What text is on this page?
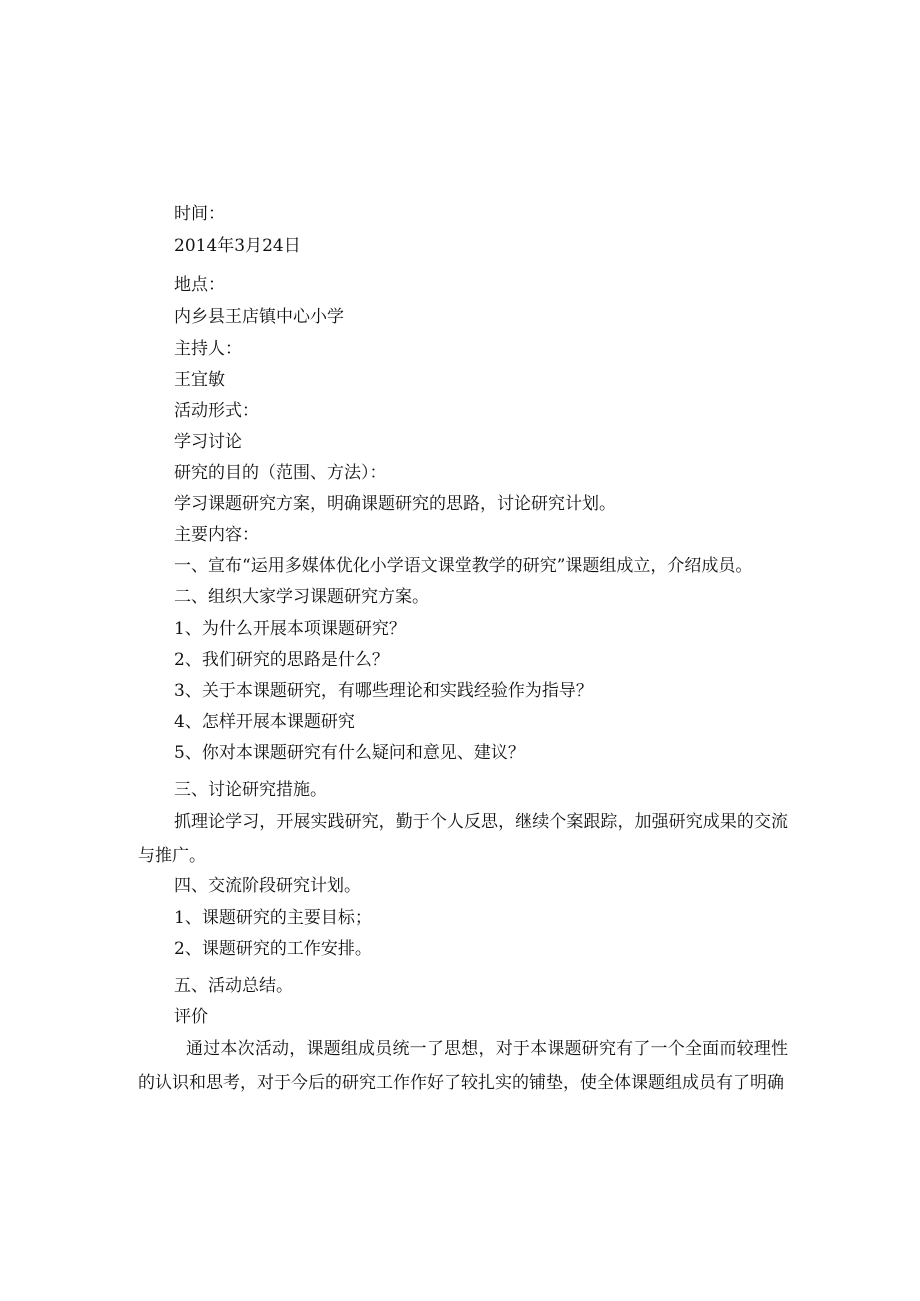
时间：
2014年3月24日
地点：
内乡县王店镇中心小学
主持人：
王宜敏
活动形式：
学习讨论
研究的目的（范围、方法）：
学习课题研究方案，明确课题研究的思路，讨论研究计划。
主要内容：
一、宣布“运用多媒体优化小学语文课堂教学的研究”课题组成立，介绍成员。
二、组织大家学习课题研究方案。
1、为什么开展本项课题研究？
2、我们研究的思路是什么？
3、关于本课题研究，有哪些理论和实践经验作为指导？
4、怎样开展本课题研究
5、你对本课题研究有什么疑问和意见、建议？
三、讨论研究措施。
抓理论学习，开展实践研究，勤于个人反思，继续个案跟踪，加强研究成果的交流与推广。
四、交流阶段研究计划。
1、课题研究的主要目标；
2、课题研究的工作安排。
五、活动总结。
评价
通过本次活动，课题组成员统一了思想，对于本课题研究有了一个全面而较理性的认识和思考，对于今后的研究工作作好了较扎实的铺垫，使全体课题组成员有了明确
